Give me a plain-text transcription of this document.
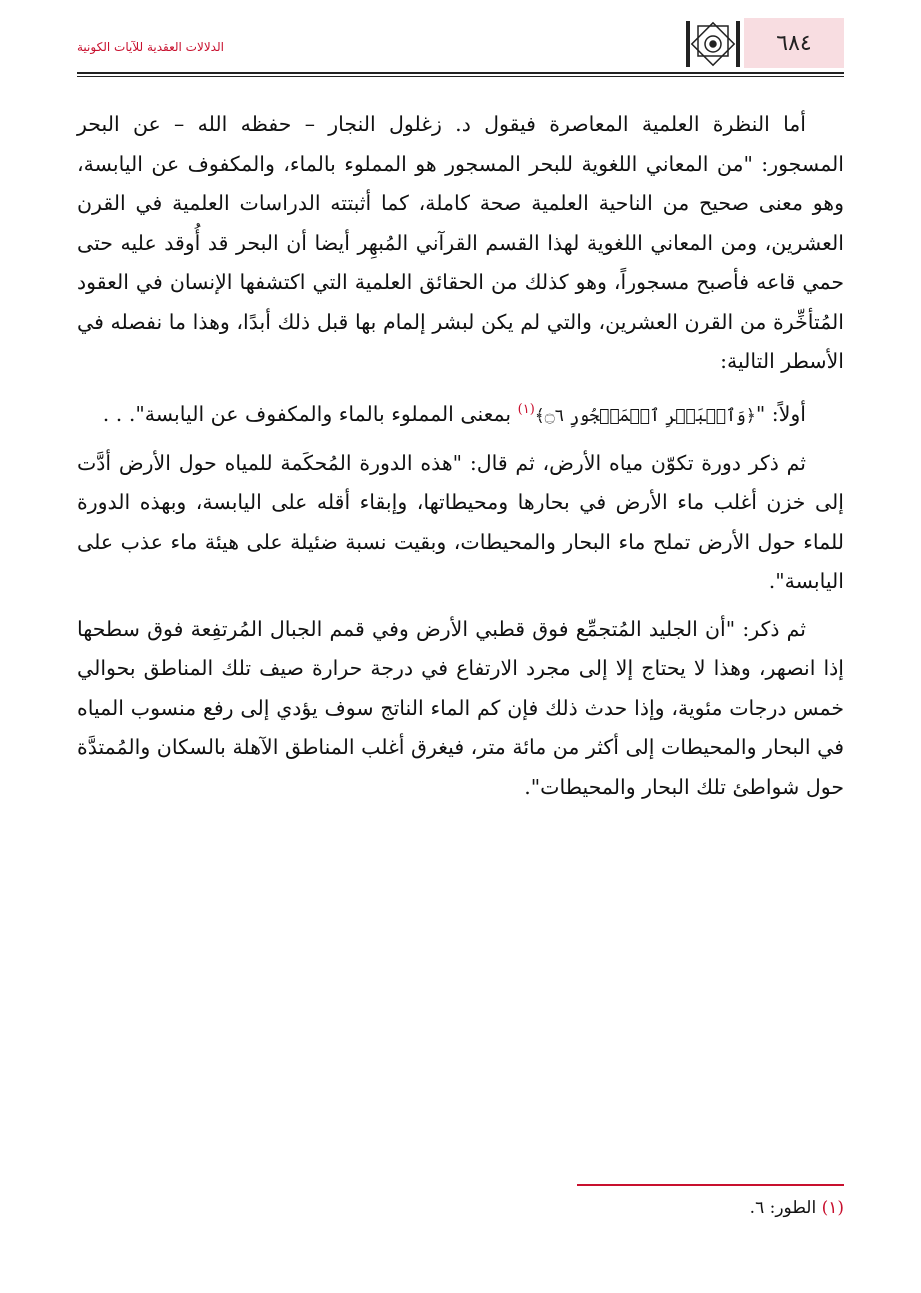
الدلالات العقدية للآيات الكونية	٦٨٤

أما النظرة العلمية المعاصرة فيقول د. زغلول النجار – حفظه الله – عن البحر المسجور: "من المعاني اللغوية للبحر المسجور هو المملوء بالماء، والمكفوف عن اليابسة، وهو معنى صحيح من الناحية العلمية صحة كاملة، كما أثبتته الدراسات العلمية في القرن العشرين، ومن المعاني اللغوية لهذا القسم القرآني المُبهِر أيضا أن البحر قد أُوقد عليه حتى حمي قاعه فأصبح مسجوراً، وهو كذلك من الحقائق العلمية التي اكتشفها الإنسان في العقود المُتأخِّرة من القرن العشرين، والتي لم يكن لبشر إلمام بها قبل ذلك أبدًا، وهذا ما نفصله في الأسطر التالية:

أولاً: "﴿وَٱلۡبَحۡرِ ٱلۡمَسۡجُورِ ۝٦﴾$^{(١)}$ بمعنى المملوء بالماء والمكفوف عن اليابسة". . .

ثم ذكر دورة تكوّن مياه الأرض، ثم قال: "هذه الدورة المُحكَمة للمياه حول الأرض أدَّت إلى خزن أغلب ماء الأرض في بحارها ومحيطاتها، وإبقاء أقله على اليابسة، وبهذه الدورة للماء حول الأرض تملح ماء البحار والمحيطات، وبقيت نسبة ضئيلة على هيئة ماء عذب على اليابسة".

ثم ذكر: "أن الجليد المُتجمِّع فوق قطبي الأرض وفي قمم الجبال المُرتفِعة فوق سطحها إذا انصهر، وهذا لا يحتاج إلا إلى مجرد الارتفاع في درجة حرارة صيف تلك المناطق بحوالي خمس درجات مئوية، وإذا حدث ذلك فإن كم الماء الناتج سوف يؤدي إلى رفع منسوب المياه في البحار والمحيطات إلى أكثر من مائة متر، فيغرق أغلب المناطق الآهلة بالسكان والمُمتدَّة حول شواطئ تلك البحار والمحيطات".

(١) الطور: ٦.
